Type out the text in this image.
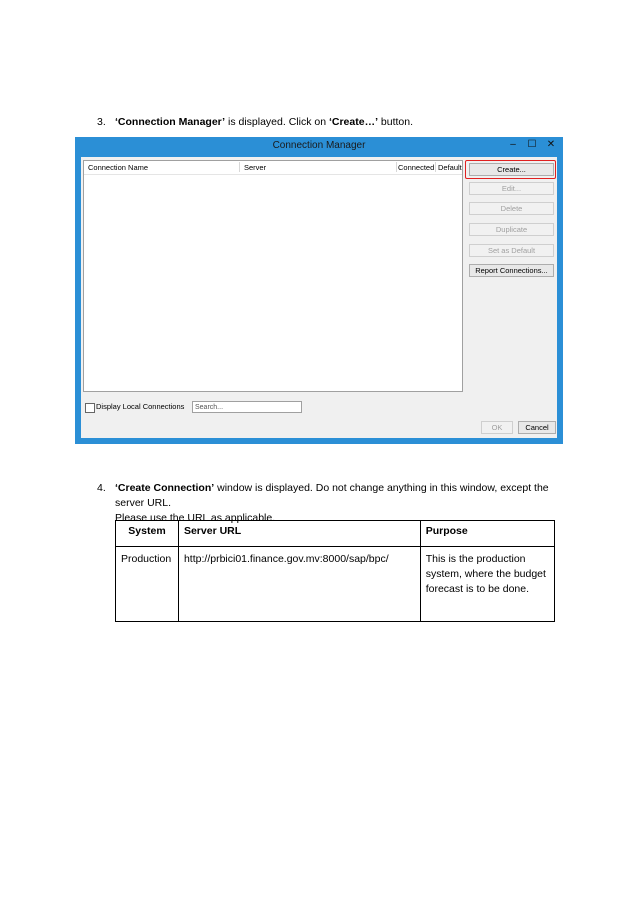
3. ‘Connection Manager’ is displayed. Click on ‘Create…’ button.
Connection Manager	–	☐ ✕
Connection Name	Server	Connected Default	Create...
Edit...
Delete
Duplicate
Set as Default
Report Connections...
Display Local Connections	Search...
OK	Cancel
4. ‘Create Connection’ window is displayed. Do not change anything in this window, except the
server URL.
Please use the URL as applicable.
System	Server URL	Purpose
Production	http://prbici01.finance.gov.mv:8000/sap/bpc/	This is the production system, where the budget forecast is to be done.
